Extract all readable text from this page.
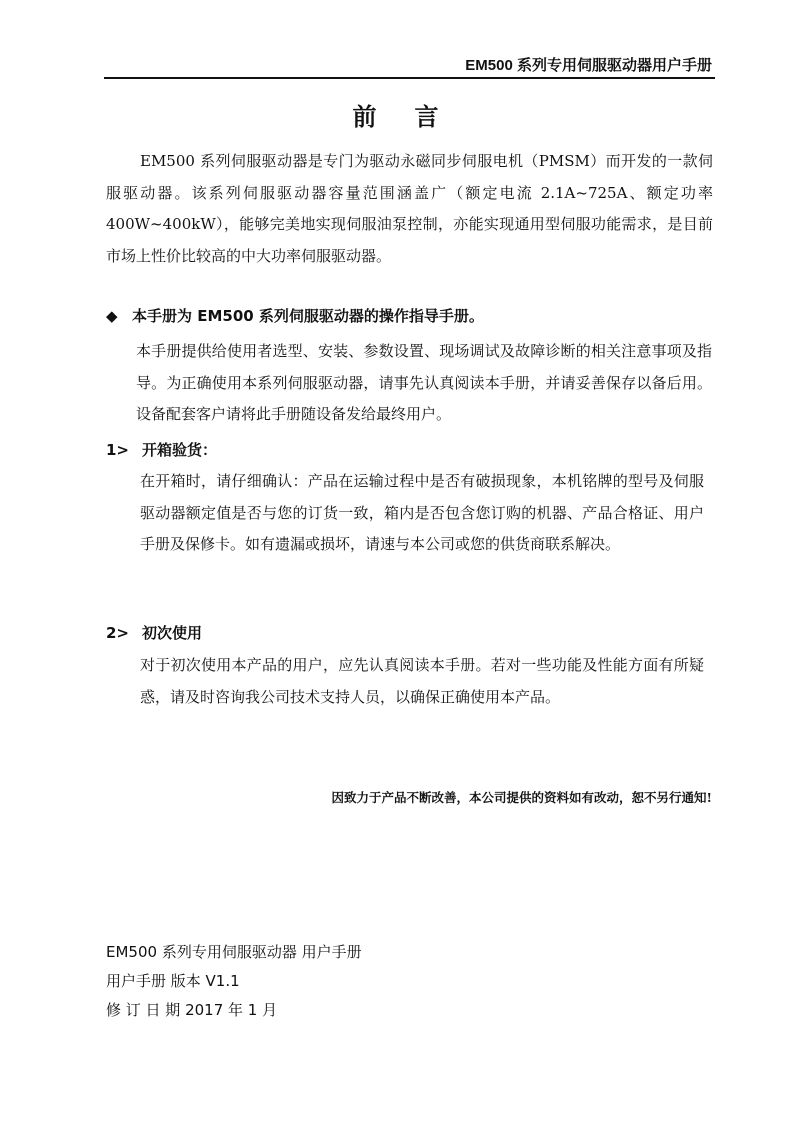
EM500 系列专用伺服驱动器用户手册
前言
EM500 系列伺服驱动器是专门为驱动永磁同步伺服电机（PMSM）而开发的一款伺服驱动器。该系列伺服驱动器容量范围涵盖广（额定电流 2.1A~725A、额定功率 400W~400kW），能够完美地实现伺服油泵控制，亦能实现通用型伺服功能需求，是目前市场上性价比较高的中大功率伺服驱动器。
◆ 本手册为 EM500 系列伺服驱动器的操作指导手册。
本手册提供给使用者选型、安装、参数设置、现场调试及故障诊断的相关注意事项及指导。为正确使用本系列伺服驱动器，请事先认真阅读本手册，并请妥善保存以备后用。设备配套客户请将此手册随设备发给最终用户。
1> 开箱验货：
在开箱时，请仔细确认：产品在运输过程中是否有破损现象，本机铭牌的型号及伺服驱动器额定值是否与您的订货一致，箱内是否包含您订购的机器、产品合格证、用户手册及保修卡。如有遗漏或损坏，请速与本公司或您的供货商联系解决。
2> 初次使用
对于初次使用本产品的用户，应先认真阅读本手册。若对一些功能及性能方面有所疑惑，请及时咨询我公司技术支持人员，以确保正确使用本产品。
因致力于产品不断改善，本公司提供的资料如有改动，恕不另行通知!
EM500 系列专用伺服驱动器 用户手册
用户手册 版本 V1.1
修 订 日 期 2017 年 1 月
